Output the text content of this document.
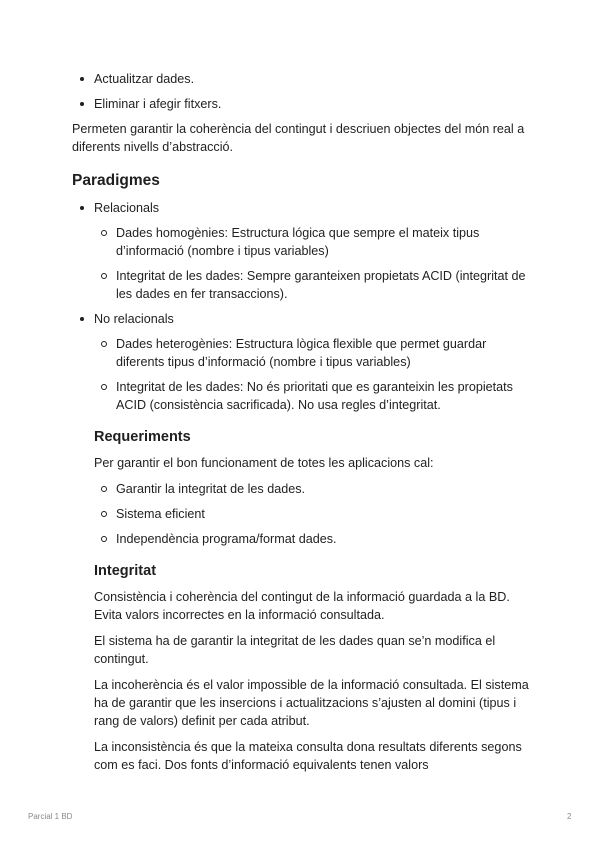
Actualitzar dades.
Eliminar i afegir fitxers.

Permeten garantir la coherència del contingut i descriuen objectes del món real a diferents nivells d’abstracció.

Paradigmes
Relacionals
Dades homogènies: Estructura lógica que sempre el mateix tipus d’informació (nombre i tipus variables)
Integritat de les dades: Sempre garanteixen propietats ACID (integritat de les dades en fer transaccions).
No relacionals
Dades heterogènies: Estructura lògica flexible que permet guardar diferents tipus d’informació (nombre i tipus variables)
Integritat de les dades: No és prioritati que es garanteixin les propietats ACID (consistència sacrificada). No usa regles d’integritat.
Requeriments

Per garantir el bon funcionament de totes les aplicacions cal:

Garantir la integritat de les dades.
Sistema eficient
Independència programa/format dades.
Integritat

Consistència i coherència del contingut de la informació guardada a la BD. Evita valors incorrectes en la informació consultada.

El sistema ha de garantir la integritat de les dades quan se’n modifica el contingut.

La incoherència és el valor impossible de la informació consultada. El sistema ha de garantir que les insercions i actualitzacions s’ajusten al domini (tipus i rang de valors) definit per cada atribut.

La inconsistència és que la mateixa consulta dona resultats diferents segons com es faci. Dos fonts d’informació equivalents tenen valors

Parcial 1 BD	2
